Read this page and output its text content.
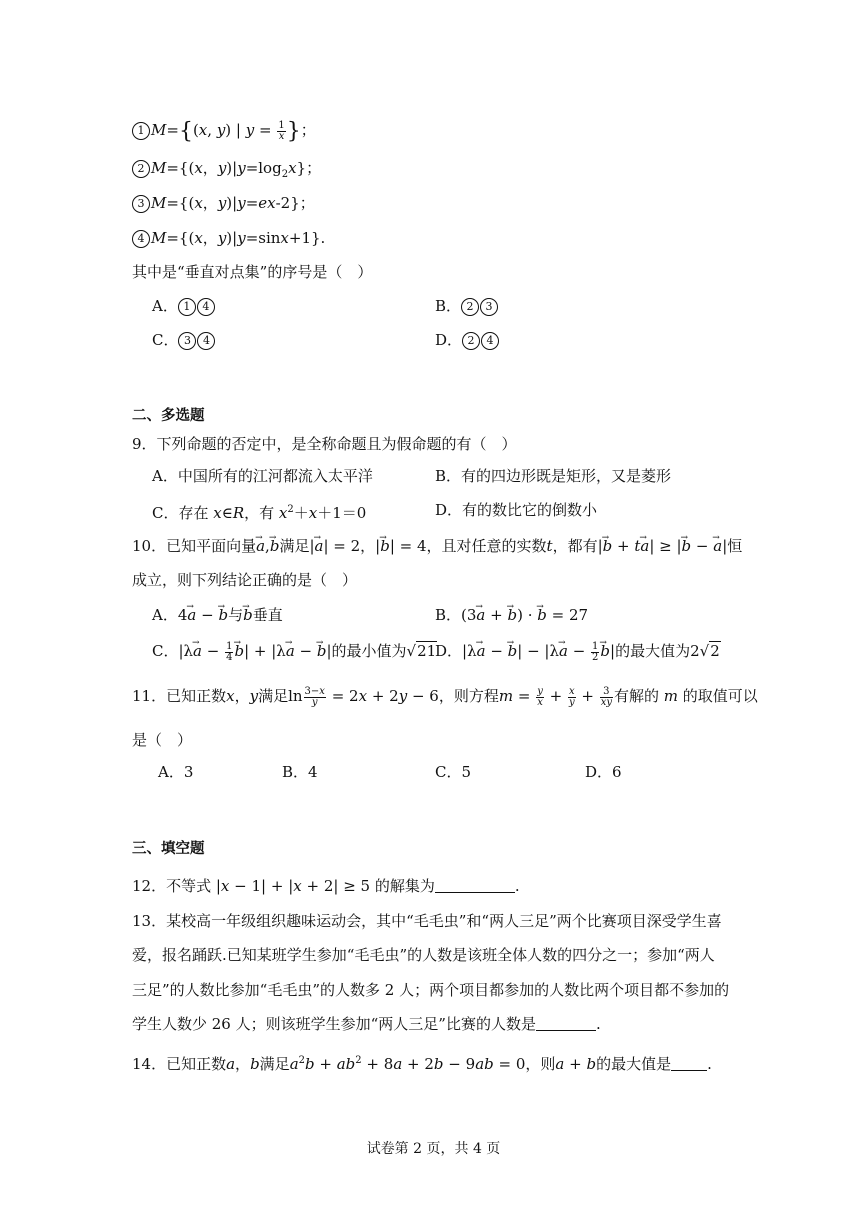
1 M={(x, y) | $y = \frac{1}{x}$ }；
2 M={(x，$y)|y=\log_2x$}；
3 M={(x，y)|y=ex-2}；
4 M={(x，y)|y=sinx+1}.
其中是“垂直对点集”的序号是（　）
A． 1 4	B． 2 3
C． 3 4	D． 2 4
二、多选题
9．下列命题的否定中，是全称命题且为假命题的有（　）
A．中国所有的江河都流入太平洋	B．有的四边形既是矩形，又是菱形
C．存在 x∈R，有 $x^2+x+1=0$	D．有的数比它的倒数小
10．已知平面向量→ a,→ b满足|→ a| = 2，|→ b| = 4，且对任意的实数t，都有|→ b + t→ a| ≥ |→ b − → a|恒
成立，则下列结论正确的是（　）
A．4→ a − → b与→ b垂直	B．(3→ a + → b) · → b = 27
C．$|\lambda\to a - \frac{1}{4}$
→ b| + |λ→ a − → b|的最小值为√21
D．|λ→ a − → $b| - |\lambda\to a - \frac{1}{2}$
→ b|的最大值为2√2
11．已知正数x，y满足$\ln \frac{3-x}{y} = 2x + 2y - 6$，则方程$m = \frac{y}{x} + \frac{x}{y} + \frac{3}{xy}$ 有解的 m 的取值可以
是（　）
A．3	B．4	C．5	D．6
三、填空题
12．不等式 |x − 1| + |x + 2| ≥ 5 的解集为	.
13．某校高一年级组织趣味运动会，其中“毛毛虫”和“两人三足”两个比赛项目深受学生喜
爱，报名踊跃.已知某班学生参加“毛毛虫”的人数是该班全体人数的四分之一；参加“两人
三足”的人数比参加“毛毛虫”的人数多 2 人；两个项目都参加的人数比两个项目都不参加的
学生人数少 26 人；则该班学生参加“两人三足”比赛的人数是	.
14．已知正数a，b满足$a^2b + ab^2 + 8a + 2b - 9ab = 0$，则a + b的最大值是 .
试卷第 2 页，共 4 页
